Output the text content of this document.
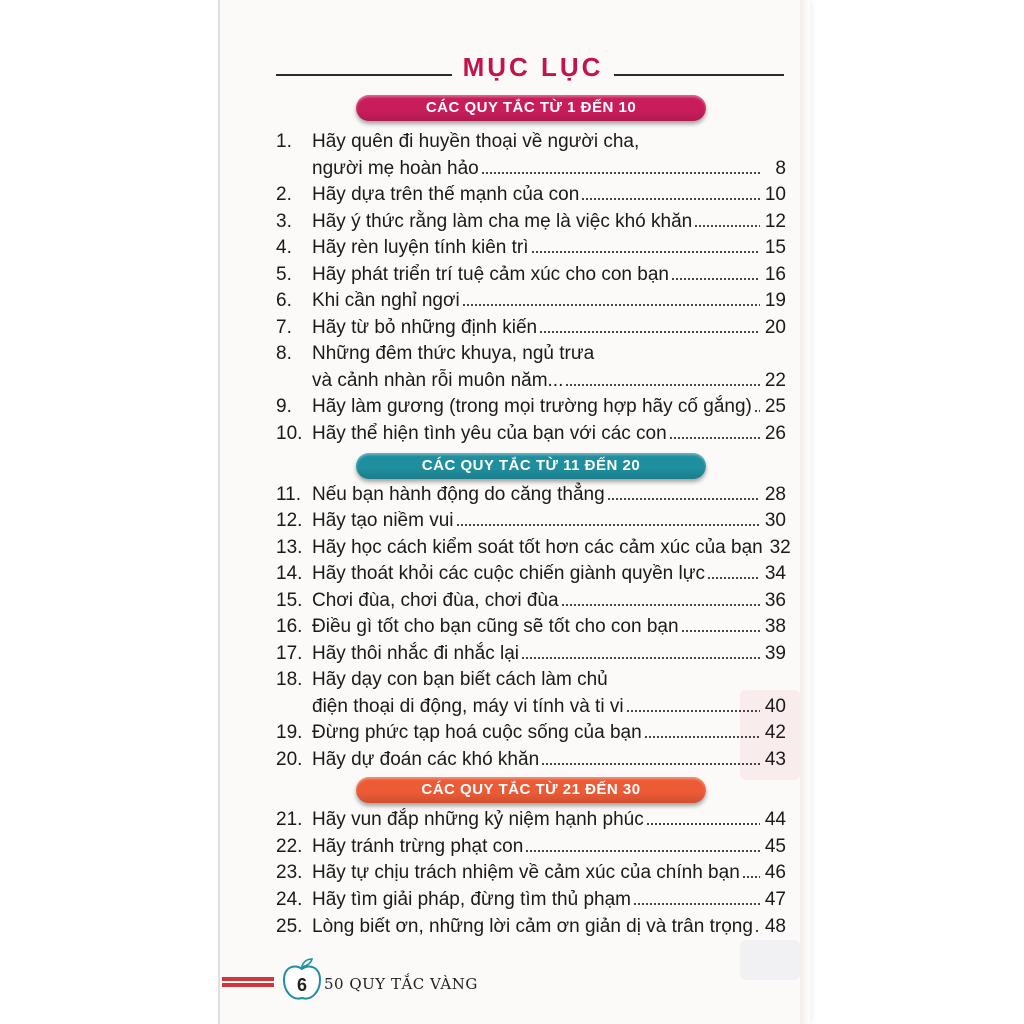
MỤC LỤC
CÁC QUY TẮC TỪ 1 ĐẾN 10
CÁC QUY TẮC TỪ 11 ĐẾN 20
CÁC QUY TẮC TỪ 21 ĐẾN 30
1.	Hãy quên đi huyền thoại về người cha,
người mẹ hoàn hảo	8
2.	Hãy dựa trên thế mạnh của con	10
3.	Hãy ý thức rằng làm cha mẹ là việc khó khăn	12
4.	Hãy rèn luyện tính kiên trì	15
5.	Hãy phát triển trí tuệ cảm xúc cho con bạn	16
6.	Khi cần nghỉ ngơi	19
7.	Hãy từ bỏ những định kiến	20
8.	Những đêm thức khuya, ngủ trưa
và cảnh nhàn rỗi muôn năm...	22
9.	Hãy làm gương (trong mọi trường hợp hãy cố gắng) 25
10. Hãy thể hiện tình yêu của bạn với các con	26
11. Nếu bạn hành động do căng thẳng	28
12. Hãy tạo niềm vui	30
13. Hãy học cách kiểm soát tốt hơn các cảm xúc của bạn 32
14. Hãy thoát khỏi các cuộc chiến giành quyền lực	34
15. Chơi đùa, chơi đùa, chơi đùa	36
16. Điều gì tốt cho bạn cũng sẽ tốt cho con bạn	38
17. Hãy thôi nhắc đi nhắc lại	39
18. Hãy dạy con bạn biết cách làm chủ
điện thoại di động, máy vi tính và ti vi	40
19. Đừng phức tạp hoá cuộc sống của bạn	42
20. Hãy dự đoán các khó khăn	43
21. Hãy vun đắp những kỷ niệm hạnh phúc	44
22. Hãy tránh trừng phạt con	45
23. Hãy tự chịu trách nhiệm về cảm xúc của chính bạn 46
24. Hãy tìm giải pháp, đừng tìm thủ phạm	47
25. Lòng biết ơn, những lời cảm ơn giản dị và trân trọng 48
6	50 QUY TẮC VÀNG
